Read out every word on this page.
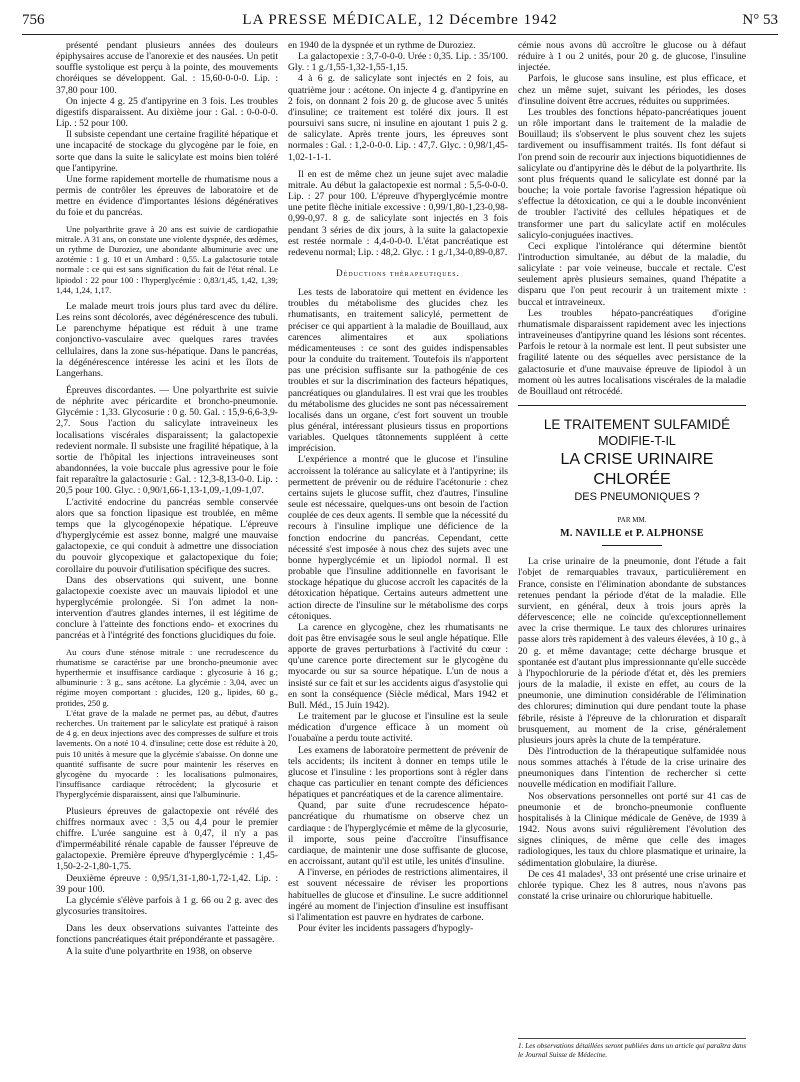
756	LA PRESSE MÉDICALE, 12 Décembre 1942	N° 53

présenté pendant plusieurs années des douleurs épiphysaires accuse de l'anorexie et des nausées. Un petit souffle systolique est perçu à la pointe, des mouvements choréiques se développent. Gal. : 15,60-0-0-0. Lip. : 37,80 pour 100.

On injecte 4 g. 25 d'antipyrine en 3 fois. Les troubles digestifs disparaissent. Au dixième jour : Gal. : 0-0-0-0. Lip. : 52 pour 100.

Il subsiste cependant une certaine fragilité hépatique et une incapacité de stockage du glycogène par le foie, en sorte que dans la suite le salicylate est moins bien toléré que l'antipyrine.

Une forme rapidement mortelle de rhumatisme nous a permis de contrôler les épreuves de laboratoire et de mettre en évidence d'importantes lésions dégénératives du foie et du pancréas.

Une polyarthrite grave à 20 ans est suivie de cardiopathie mitrale. A 31 ans, on constate une violente dyspnée, des œdèmes, un rythme de Duroziez, une abondante albuminurie avec une azotémie : 1 g. 10 et un Ambard : 0,55. La galactosurie totale normale : ce qui est sans signification du fait de l'état rénal. Le lipiodol : 22 pour 100 : l'hyperglycémie : 0,83/1,45, 1,42, 1,39; 1,44, 1,24, 1,17.

Le malade meurt trois jours plus tard avec du délire. Les reins sont décolorés, avec dégénérescence des tubuli. Le parenchyme hépatique est réduit à une trame conjonctivo-vasculaire avec quelques rares travées cellulaires, dans la zone sus-hépatique. Dans le pancréas, la dégénérescence intéresse les acini et les îlots de Langerhans.

Épreuves discordantes. — Une polyarthrite est suivie de néphrite avec péricardite et broncho-pneumonie. Glycémie : 1,33. Glycosurie : 0 g. 50. Gal. : 15,9-6,6-3,9-2,7. Sous l'action du salicylate intraveineux les localisations viscérales disparaissent; la galactopexie redevient normale. Il subsiste une fragilité hépatique, à la sortie de l'hôpital les injections intraveineuses sont abandonnées, la voie buccale plus agressive pour le foie fait reparaître la galactosurie : Gal. : 12,3-8,13-0-0. Lip. : 20,5 pour 100. Glyc. : 0,90/1,66-1,13-1,09,-1,09-1,07.

L'activité endocrine du pancréas semble conservée alors que sa fonction lipasique est troublée, en même temps que la glycogénopexie hépatique. L'épreuve d'hyperglycémie est assez bonne, malgré une mauvaise galactopexie, ce qui conduit à admettre une dissociation du pouvoir glycopexique et galactopexique du foie; corollaire du pouvoir d'utilisation spécifique des sucres.

Dans des observations qui suivent, une bonne galactopexie coexiste avec un mauvais lipiodol et une hyperglycémie prolongée. Si l'on admet la non-intervention d'autres glandes internes, il est légitime de conclure à l'atteinte des fonctions endo- et exocrines du pancréas et à l'intégrité des fonctions glucidiques du foie.

Au cours d'une sténose mitrale : une recrudescence du rhumatisme se caractérise par une broncho-pneumonie avec hyperthermie et insuffisance cardiaque : glycosurie à 16 g.; albuminurie : 3 g., sans acétone. La glycémie : 3,04, avec un régime moyen comportant : glucides, 120 g., lipides, 60 g., protides, 250 g.

L'état grave de la malade ne permet pas, au début, d'autres recherches. Un traitement par le salicylate est pratiqué à raison de 4 g. en deux injections avec des compresses de sulfure et trois lavements. On a noté 10 4. d'insuline; cette dose est réduite à 20, puis 10 unités à mesure que la glycémie s'abaisse. On donne une quantité suffisante de sucre pour maintenir les réserves en glycogène du myocarde : les localisations pulmonaires, l'insuffisance cardiaque rétrocèdent; la glycosurie et l'hyperglycémie disparaissent, ainsi que l'albuminurie.

Plusieurs épreuves de galactopexie ont révélé des chiffres normaux avec : 3,5 ou 4,4 pour le premier chiffre. L'urée sanguine est à 0,47, il n'y a pas d'imperméabilité rénale capable de fausser l'épreuve de galactopexie. Première épreuve d'hyperglycémie : 1,45-1,50-2-2-1,80-1,75.

Deuxième épreuve : 0,95/1,31-1,80-1,72-1,42. Lip. : 39 pour 100.

La glycémie s'élève parfois à 1 g. 66 ou 2 g. avec des glycosuries transitoires.

Dans les deux observations suivantes l'atteinte des fonctions pancréatiques était prépondérante et passagère.

A la suite d'une polyarthrite en 1938, on observe

en 1940 de la dyspnée et un rythme de Duroziez.

La galactopexie : 3,7-0-0-0. Urée : 0,35. Lip. : 35/100. Gly. : 1 g./1,55-1,32-1,55-1,15.

4 à 6 g. de salicylate sont injectés en 2 fois, au quatrième jour : acétone. On injecte 4 g. d'antipyrine en 2 fois, on donnant 2 fois 20 g. de glucose avec 5 unités d'insuline; ce traitement est toléré dix jours. Il est poursuivi sans sucre, ni insuline en ajoutant 1 puis 2 g. de salicylate. Après trente jours, les épreuves sont normales : Gal. : 1,2-0-0-0. Lip. : 47,7. Glyc. : 0,98/1,45-1,02-1-1-1.

Il en est de même chez un jeune sujet avec maladie mitrale. Au début la galactopexie est normal : 5,5-0-0-0. Lip. : 27 pour 100. L'épreuve d'hyperglycémie montre une petite flèche initiale excessive : 0,99/1,80-1,23-0,98-0,99-0,97. 8 g. de salicylate sont injectés en 3 fois pendant 3 séries de dix jours, à la suite la galactopexie est restée normale : 4,4-0-0-0. L'état pancréatique est redevenu normal; Lip. : 48,2. Glyc. : 1 g./1,34-0,89-0,87.

Déductions thérapeutiques.

Les tests de laboratoire qui mettent en évidence les troubles du métabolisme des glucides chez les rhumatisants, en traitement salicylé, permettent de préciser ce qui appartient à la maladie de Bouillaud, aux carences alimentaires et aux spoliations médicamenteuses : ce sont des guides indispensables pour la conduite du traitement. Toutefois ils n'apportent pas une précision suffisante sur la pathogénie de ces troubles et sur la discrimination des facteurs hépatiques, pancréatiques ou glandulaires. Il est vrai que les troubles du métabolisme des glucides ne sont pas nécessairement localisés dans un organe, c'est fort souvent un trouble plus général, intéressant plusieurs tissus en proportions variables. Quelques tâtonnements suppléent à cette imprécision.

L'expérience a montré que le glucose et l'insuline accroissent la tolérance au salicylate et à l'antipyrine; ils permettent de prévenir ou de réduire l'acétonurie : chez certains sujets le glucose suffit, chez d'autres, l'insuline seule est nécessaire, quelques-uns ont besoin de l'action couplée de ces deux agents. Il semble que la nécessité du recours à l'insuline implique une déficience de la fonction endocrine du pancréas. Cependant, cette nécessité s'est imposée à nous chez des sujets avec une bonne hyperglycémie et un lipiodol normal. Il est probable que l'insuline additionnelle en favorisant le stockage hépatique du glucose accroît les capacités de la détoxication hépatique. Certains auteurs admettent une action directe de l'insuline sur le métabolisme des corps cétoniques.

La carence en glycogène, chez les rhumatisants ne doit pas être envisagée sous le seul angle hépatique. Elle apporte de graves perturbations à l'activité du cœur : qu'une carence porte directement sur le glycogène du myocarde ou sur sa source hépatique. L'un de nous a insisté sur ce fait et sur les accidents aigus d'asystolie qui en sont la conséquence (Siècle médical, Mars 1942 et Bull. Méd., 15 Juin 1942).

Le traitement par le glucose et l'insuline est la seule médication d'urgence efficace à un moment où l'ouabaïne a perdu toute activité.

Les examens de laboratoire permettent de prévenir de tels accidents; ils incitent à donner en temps utile le glucose et l'insuline : les proportions sont à régler dans chaque cas particulier en tenant compte des déficiences hépatiques et pancréatiques et de la carence alimentaire.

Quand, par suite d'une recrudescence hépato-pancréatique du rhumatisme on observe chez un cardiaque : de l'hyperglycémie et même de la glycosurie, il importe, sous peine d'accroître l'insuffisance cardiaque, de maintenir une dose suffisante de glucose, en accroissant, autant qu'il est utile, les unités d'insuline.

A l'inverse, en périodes de restrictions alimentaires, il est souvent nécessaire de réviser les proportions habituelles de glucose et d'insuline. Le sucre additionnel ingéré au moment de l'injection d'insuline est insuffisant si l'alimentation est pauvre en hydrates de carbone.

Pour éviter les incidents passagers d'hypogly-

cémie nous avons dû accroître le glucose ou à défaut réduire à 1 ou 2 unités, pour 20 g. de glucose, l'insuline injectée.

Parfois, le glucose sans insuline, est plus efficace, et chez un même sujet, suivant les périodes, les doses d'insuline doivent être accrues, réduites ou supprimées.

Les troubles des fonctions hépato-pancréatiques jouent un rôle important dans le traitement de la maladie de Bouillaud; ils s'observent le plus souvent chez les sujets tardivement ou insuffisamment traités. Ils font défaut si l'on prend soin de recourir aux injections biquotidiennes de salicylate ou d'antipyrine dès le début de la polyarthrite. Ils sont plus fréquents quand le salicylate est donné par la bouche; la voie portale favorise l'agression hépatique où s'effectue la détoxication, ce qui a le double inconvénient de troubler l'activité des cellules hépatiques et de transformer une part du salicylate actif en molécules salicylo-conjuguées inactives.

Ceci explique l'intolérance qui détermine bientôt l'introduction simultanée, au début de la maladie, du salicylate : par voie veineuse, buccale et rectale. C'est seulement après plusieurs semaines, quand l'hépatite a disparu que l'on peut recourir à un traitement mixte : buccal et intraveineux.

Les troubles hépato-pancréatiques d'origine rhumatismale disparaissent rapidement avec les injections intraveineuses d'antipyrine quand les lésions sont récentes. Parfois le retour à la normale est lent. Il peut subsister une fragilité latente ou des séquelles avec persistance de la galactosurie et d'une mauvaise épreuve de lipiodol à un moment où les autres localisations viscérales de la maladie de Bouillaud ont rétrocédé.

LE TRAITEMENT SULFAMIDÉ

MODIFIE-T-IL

LA CRISE URINAIRE CHLORÉE

DES PNEUMONIQUES ?

PAR MM.
M. NAVILLE et P. ALPHONSE

La crise urinaire de la pneumonie, dont l'étude a fait l'objet de remarquables travaux, particulièrement en France, consiste en l'élimination abondante de substances retenues pendant la période d'état de la maladie. Elle survient, en général, deux à trois jours après la défervescence; elle ne coïncide qu'exceptionnellement avec la crise thermique. Le taux des chlorures urinaires passe alors très rapidement à des valeurs élevées, à 10 g., à 20 g. et même davantage; cette décharge brusque et spontanée est d'autant plus impressionnante qu'elle succède à l'hypochlorurie de la période d'état et, dès les premiers jours de la maladie, il existe en effet, au cours de la pneumonie, une diminution considérable de l'élimination des chlorures; diminution qui dure pendant toute la phase fébrile, résiste à l'épreuve de la chloruration et disparaît brusquement, au moment de la crise, généralement plusieurs jours après la chute de la température.

Dès l'introduction de la thérapeutique sulfamidée nous nous sommes attachés à l'étude de la crise urinaire des pneumoniques dans l'intention de rechercher si cette nouvelle médication en modifiait l'allure.

Nos observations personnelles ont porté sur 41 cas de pneumonie et de broncho-pneumonie confluente hospitalisés à la Clinique médicale de Genève, de 1939 à 1942. Nous avons suivi régulièrement l'évolution des signes cliniques, de même que celle des images radiologiques, les taux du chlore plasmatique et urinaire, la sédimentation globulaire, la diurèse.

De ces 41 malades¹, 33 ont présenté une crise urinaire et chlorée typique. Chez les 8 autres, nous n'avons pas constaté la crise urinaire ou chlorurique habituelle.

1. Les observations détaillées seront publiées dans un article qui paraîtra dans le Journal Suisse de Médecine.
